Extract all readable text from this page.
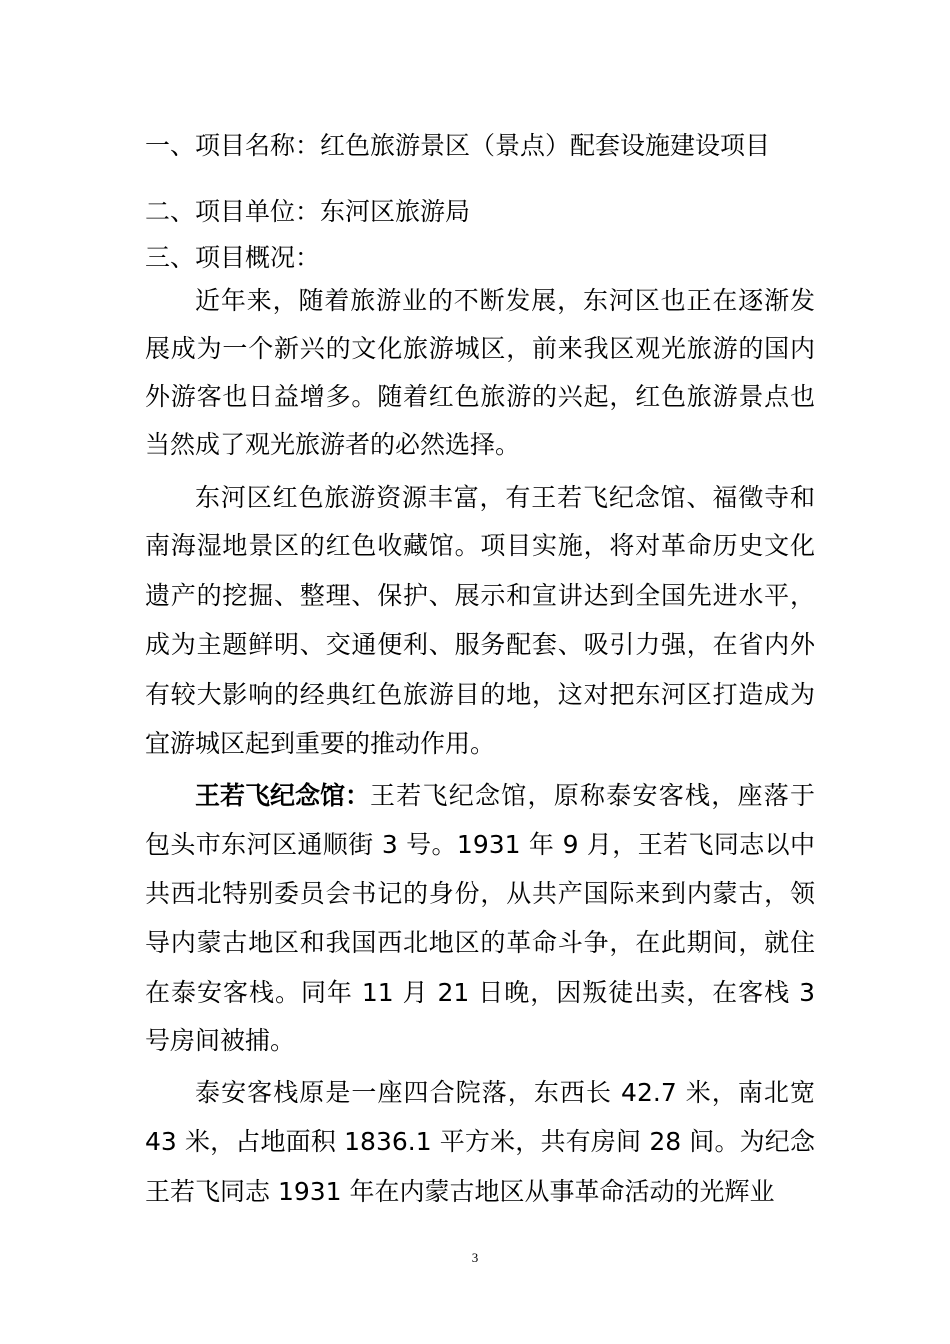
一、项目名称：红色旅游景区（景点）配套设施建设项目
二、项目单位：东河区旅游局
三、项目概况：
近年来，随着旅游业的不断发展，东河区也正在逐渐发
展成为一个新兴的文化旅游城区，前来我区观光旅游的国内
外游客也日益增多。随着红色旅游的兴起，红色旅游景点也
当然成了观光旅游者的必然选择。
东河区红色旅游资源丰富，有王若飞纪念馆、福徵寺和
南海湿地景区的红色收藏馆。项目实施，将对革命历史文化
遗产的挖掘、整理、保护、展示和宣讲达到全国先进水平，
成为主题鲜明、交通便利、服务配套、吸引力强，在省内外
有较大影响的经典红色旅游目的地，这对把东河区打造成为
宜游城区起到重要的推动作用。
王若飞纪念馆： 王若飞纪念馆，原称泰安客栈，座落于
包头市东河区通顺街 3 号。1931 年 9 月，王若飞同志以中
共西北特别委员会书记的身份，从共产国际来到内蒙古，领
导内蒙古地区和我国西北地区的革命斗争，在此期间，就住
在泰安客栈。同年 11 月 21 日晚，因叛徒出卖，在客栈 3
号房间被捕。
泰安客栈原是一座四合院落，东西长 42.7 米，南北宽
43 米，占地面积 1836.1 平方米，共有房间 28 间。为纪念
王若飞同志 1931 年在内蒙古地区从事革命活动的光辉业
3
